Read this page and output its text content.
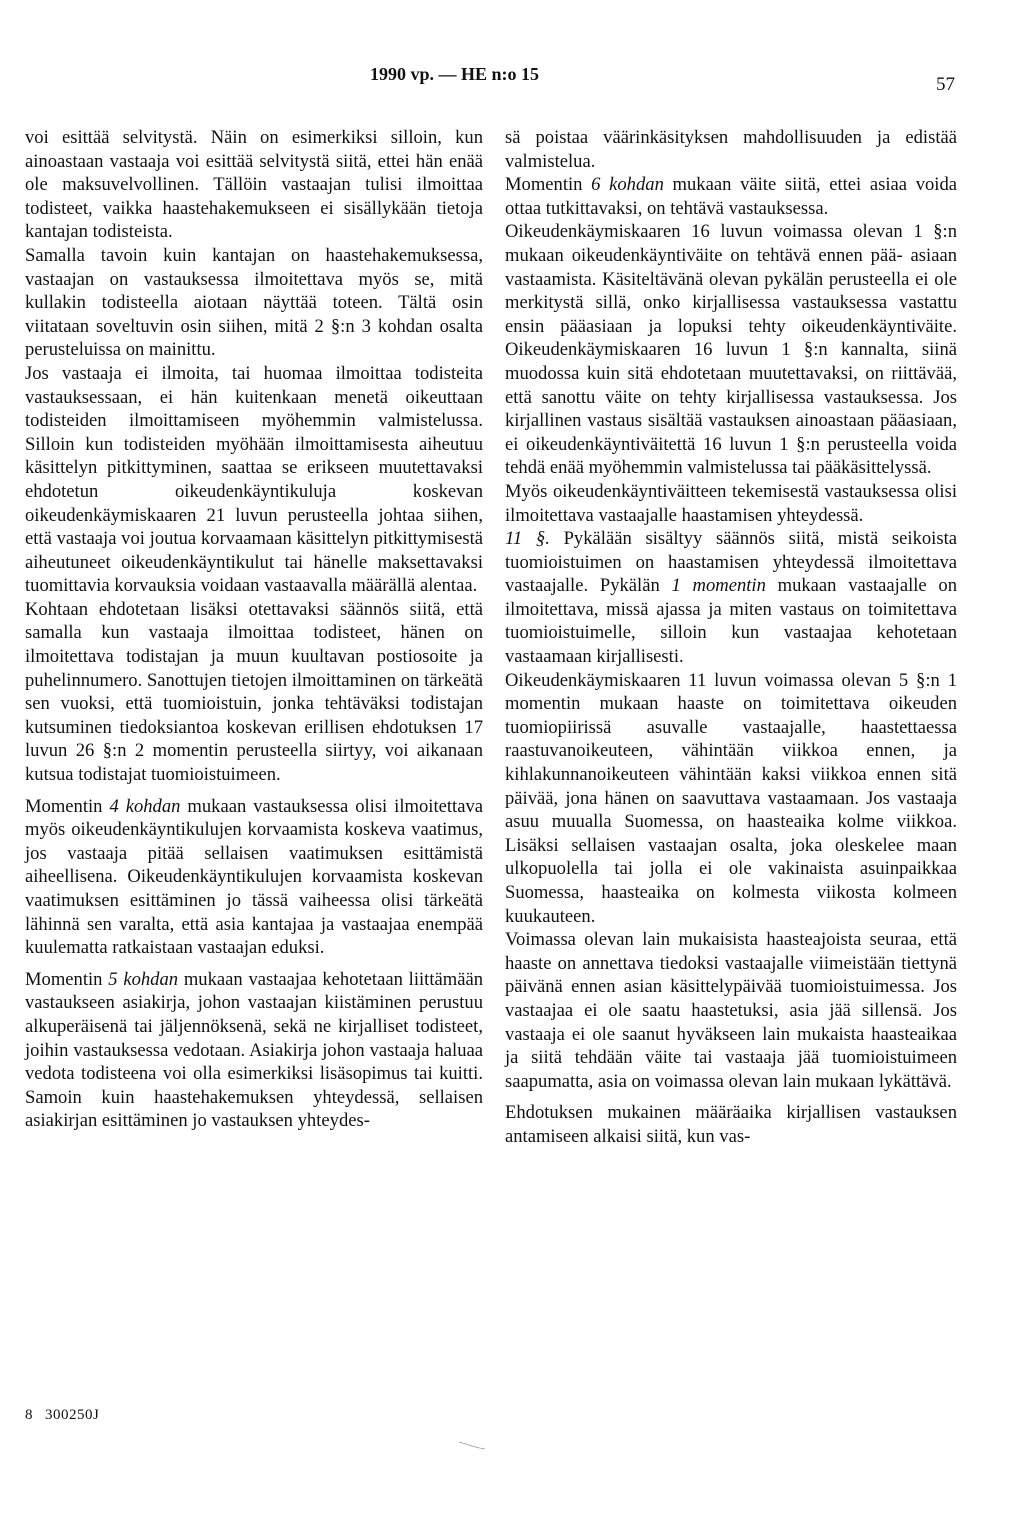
1990 vp. — HE n:o 15	57

voi esittää selvitystä. Näin on esimerkiksi silloin, kun ainoastaan vastaaja voi esittää selvitystä siitä, ettei hän enää ole maksuvelvollinen. Tällöin vastaajan tulisi ilmoittaa todisteet, vaikka haastehakemukseen ei sisällykään tietoja kantajan todisteista.

Samalla tavoin kuin kantajan on haastehakemuksessa, vastaajan on vastauksessa ilmoitettava myös se, mitä kullakin todisteella aiotaan näyttää toteen. Tältä osin viitataan soveltuvin osin siihen, mitä 2 §:n 3 kohdan osalta perusteluissa on mainittu.

Jos vastaaja ei ilmoita, tai huomaa ilmoittaa todisteita vastauksessaan, ei hän kuitenkaan menetä oikeuttaan todisteiden ilmoittamiseen myöhemmin valmistelussa. Silloin kun todisteiden myöhään ilmoittamisesta aiheutuu käsittelyn pitkittyminen, saattaa se erikseen muutettavaksi ehdotetun oikeudenkäyntikuluja koskevan oikeudenkäymiskaaren 21 luvun perusteella johtaa siihen, että vastaaja voi joutua korvaamaan käsittelyn pitkittymisestä aiheutuneet oikeudenkäyntikulut tai hänelle maksettavaksi tuomittavia korvauksia voidaan vastaavalla määrällä alentaa.

Kohtaan ehdotetaan lisäksi otettavaksi säännös siitä, että samalla kun vastaaja ilmoittaa todisteet, hänen on ilmoitettava todistajan ja muun kuultavan postiosoite ja puhelinnumero. Sanottujen tietojen ilmoittaminen on tärkeätä sen vuoksi, että tuomioistuin, jonka tehtäväksi todistajan kutsuminen tiedoksiantoa koskevan erillisen ehdotuksen 17 luvun 26 §:n 2 momentin perusteella siirtyy, voi aikanaan kutsua todistajat tuomioistuimeen.

Momentin 4 kohdan mukaan vastauksessa olisi ilmoitettava myös oikeudenkäyntikulujen korvaamista koskeva vaatimus, jos vastaaja pitää sellaisen vaatimuksen esittämistä aiheellisena. Oikeudenkäyntikulujen korvaamista koskevan vaatimuksen esittäminen jo tässä vaiheessa olisi tärkeätä lähinnä sen varalta, että asia kantajaa ja vastaajaa enempää kuulematta ratkaistaan vastaajan eduksi.

Momentin 5 kohdan mukaan vastaajaa kehotetaan liittämään vastaukseen asiakirja, johon vastaajan kiistäminen perustuu alkuperäisenä tai jäljennöksenä, sekä ne kirjalliset todisteet, joihin vastauksessa vedotaan. Asiakirja johon vastaaja haluaa vedota todisteena voi olla esimerkiksi lisäsopimus tai kuitti. Samoin kuin haastehakemuksen yhteydessä, sellaisen asiakirjan esittäminen jo vastauksen yhteydes-

sä poistaa väärinkäsityksen mahdollisuuden ja edistää valmistelua.

Momentin 6 kohdan mukaan väite siitä, ettei asiaa voida ottaa tutkittavaksi, on tehtävä vastauksessa.

Oikeudenkäymiskaaren 16 luvun voimassa olevan 1 §:n mukaan oikeudenkäyntiväite on tehtävä ennen pää- asiaan vastaamista. Käsiteltävänä olevan pykälän perusteella ei ole merkitystä sillä, onko kirjallisessa vastauksessa vastattu ensin pääasiaan ja lopuksi tehty oikeudenkäyntiväite. Oikeudenkäymiskaaren 16 luvun 1 §:n kannalta, siinä muodossa kuin sitä ehdotetaan muutettavaksi, on riittävää, että sanottu väite on tehty kirjallisessa vastauksessa. Jos kirjallinen vastaus sisältää vastauksen ainoastaan pääasiaan, ei oikeudenkäyntiväitettä 16 luvun 1 §:n perusteella voida tehdä enää myöhemmin valmistelussa tai pääkäsittelyssä.

Myös oikeudenkäyntiväitteen tekemisestä vastauksessa olisi ilmoitettava vastaajalle haastamisen yhteydessä.

11 §. Pykälään sisältyy säännös siitä, mistä seikoista tuomioistuimen on haastamisen yhteydessä ilmoitettava vastaajalle. Pykälän 1 momentin mukaan vastaajalle on ilmoitettava, missä ajassa ja miten vastaus on toimitettava tuomioistuimelle, silloin kun vastaajaa kehotetaan vastaamaan kirjallisesti.

Oikeudenkäymiskaaren 11 luvun voimassa olevan 5 §:n 1 momentin mukaan haaste on toimitettava oikeuden tuomiopiirissä asuvalle vastaajalle, haastettaessa raastuvanoikeuteen, vähintään viikkoa ennen, ja kihlakunnanoikeuteen vähintään kaksi viikkoa ennen sitä päivää, jona hänen on saavuttava vastaamaan. Jos vastaaja asuu muualla Suomessa, on haasteaika kolme viikkoa. Lisäksi sellaisen vastaajan osalta, joka oleskelee maan ulkopuolella tai jolla ei ole vakinaista asuinpaikkaa Suomessa, haasteaika on kolmesta viikosta kolmeen kuukauteen.

Voimassa olevan lain mukaisista haasteajoista seuraa, että haaste on annettava tiedoksi vastaajalle viimeistään tiettynä päivänä ennen asian käsittelypäivää tuomioistuimessa. Jos vastaajaa ei ole saatu haastetuksi, asia jää sillensä. Jos vastaaja ei ole saanut hyväkseen lain mukaista haasteaikaa ja siitä tehdään väite tai vastaaja jää tuomioistuimeen saapumatta, asia on voimassa olevan lain mukaan lykättävä.

Ehdotuksen mukainen määräaika kirjallisen vastauksen antamiseen alkaisi siitä, kun vas-

8 300250J
